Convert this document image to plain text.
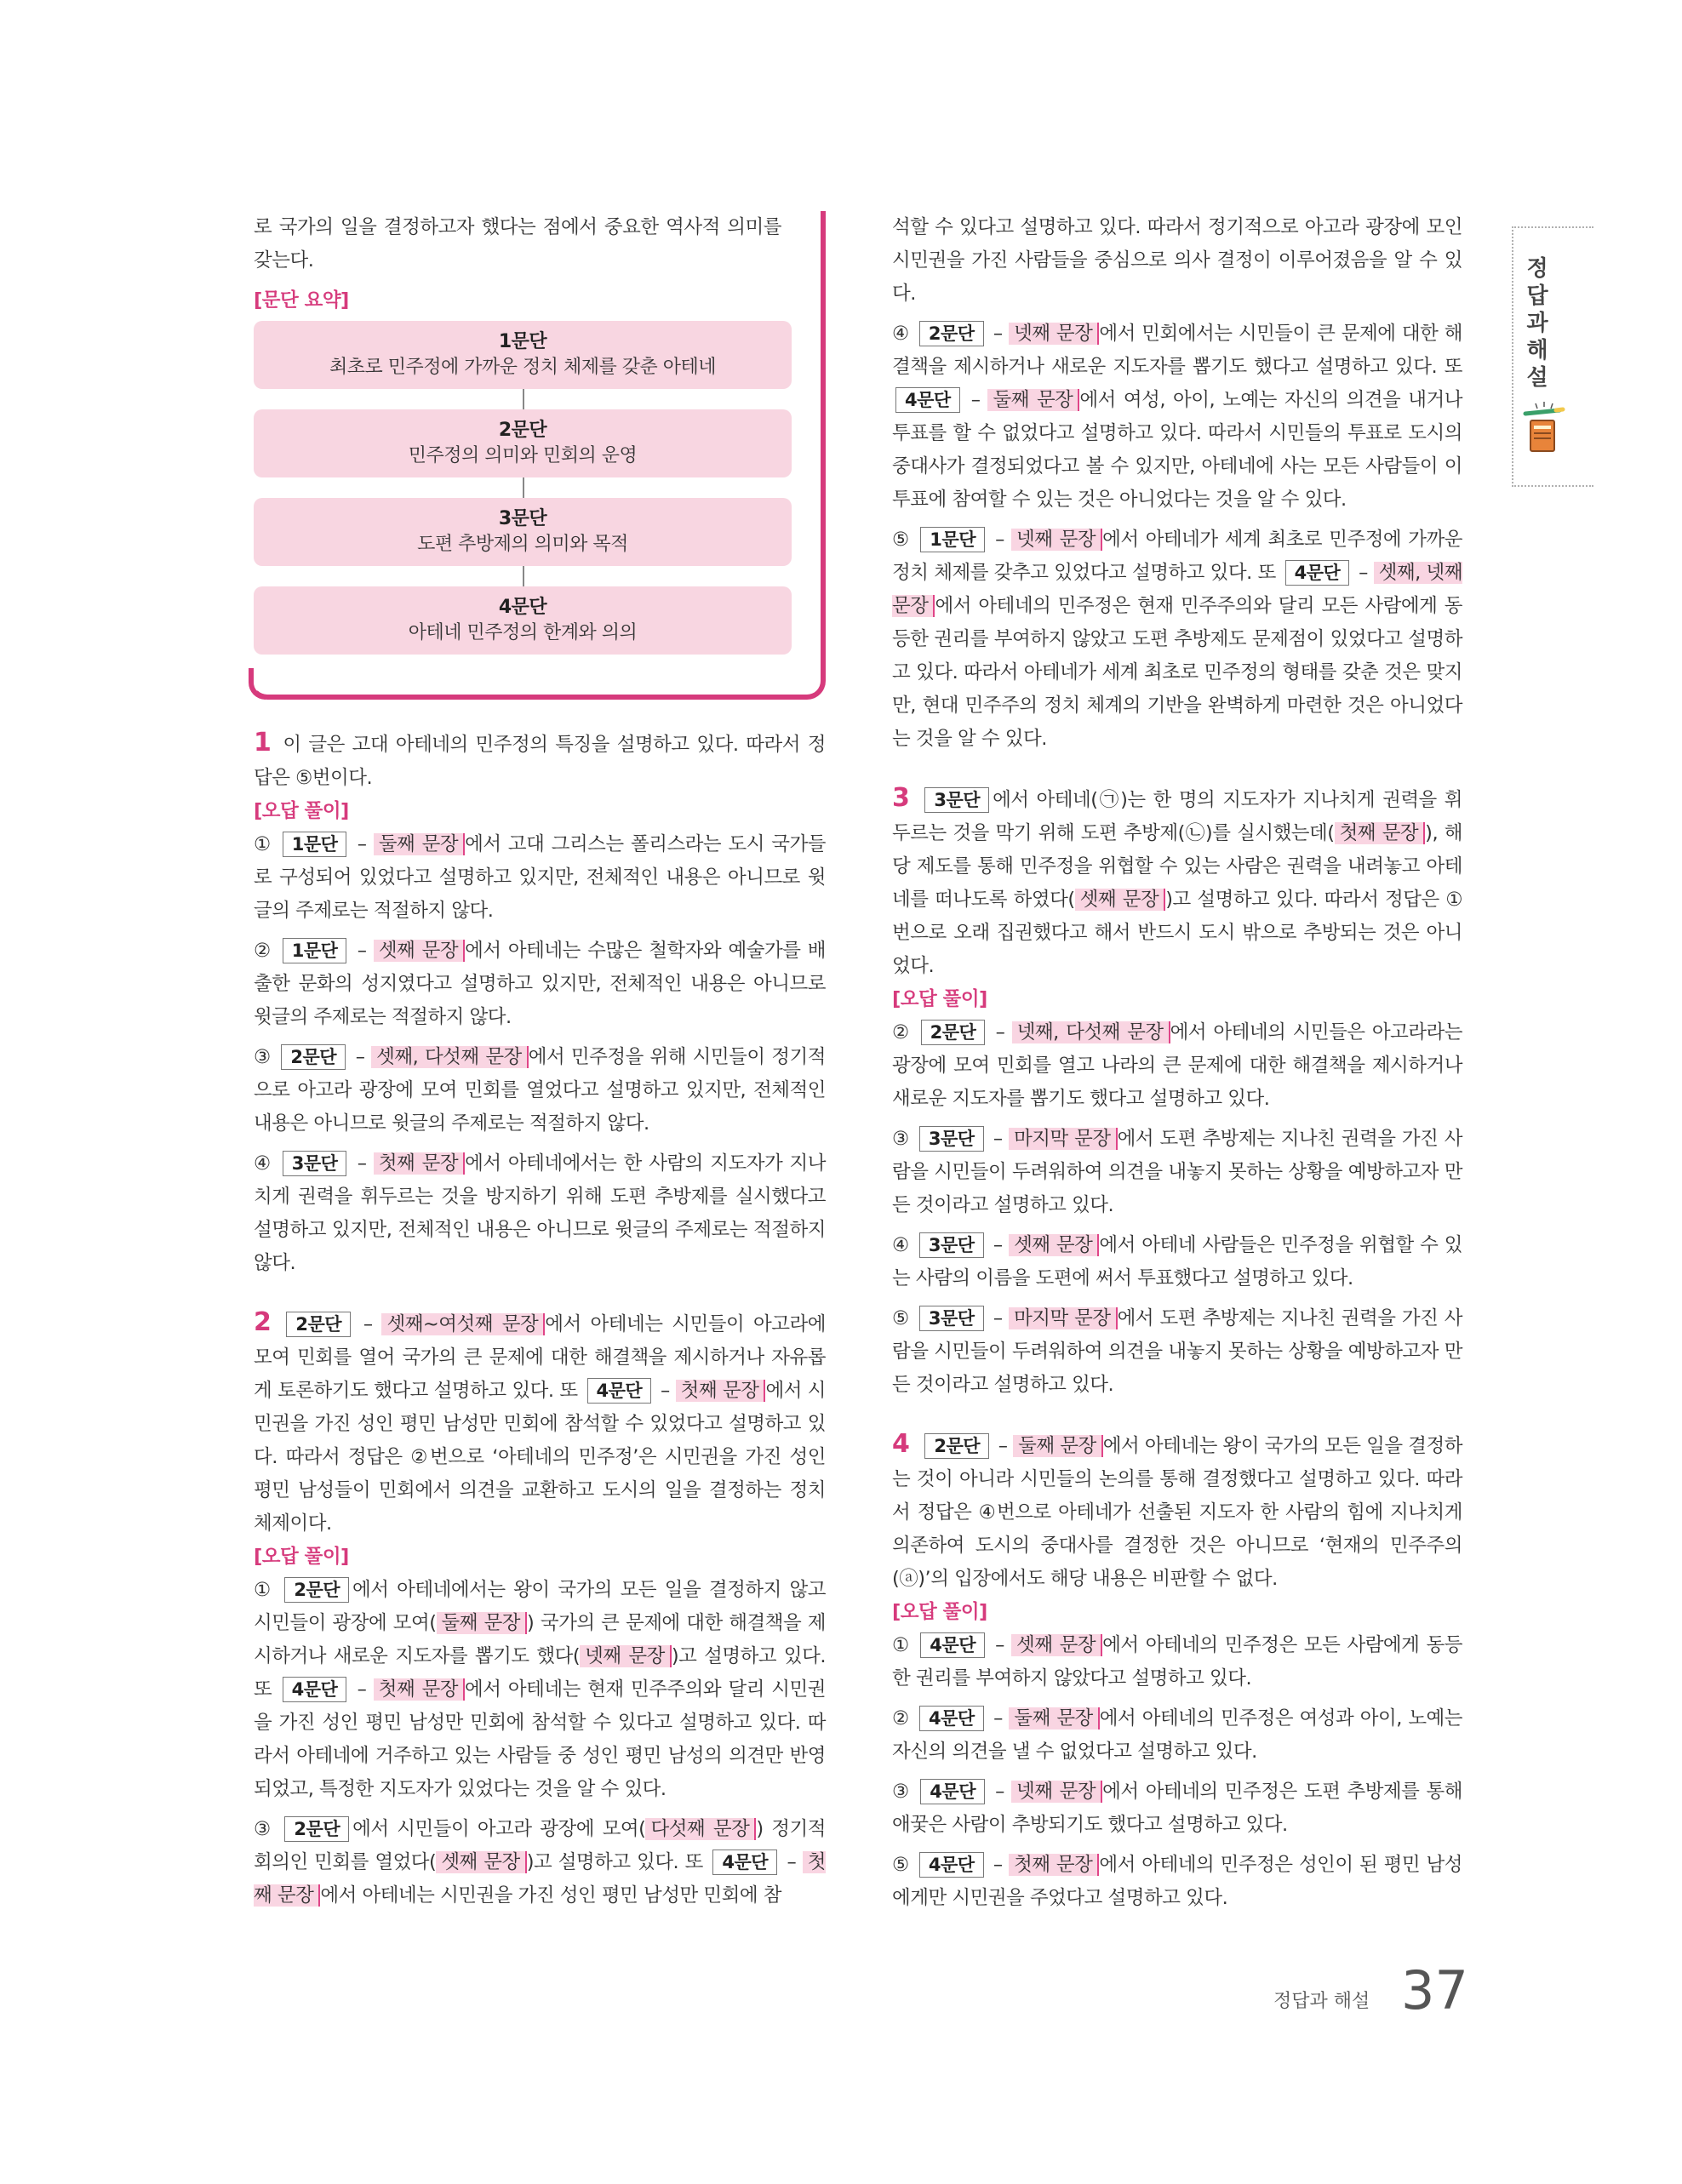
로 국가의 일을 결정하고자 했다는 점에서 중요한 역사적 의미를 갖는다.

[문단 요약]
1문단
최초로 민주정에 가까운 정치 체제를 갖춘 아테네
2문단
민주정의 의미와 민회의 운영
3문단
도편 추방제의 의미와 목적
4문단
아테네 민주정의 한계와 의의

1 이 글은 고대 아테네의 민주정의 특징을 설명하고 있다. 따라서 정답은 ⑤번이다.

[오답 풀이]

① 1문단 – 둘째 문장 에서 고대 그리스는 폴리스라는 도시 국가들로 구성되어 있었다고 설명하고 있지만, 전체적인 내용은 아니므로 윗글의 주제로는 적절하지 않다.

② 1문단 – 셋째 문장 에서 아테네는 수많은 철학자와 예술가를 배출한 문화의 성지였다고 설명하고 있지만, 전체적인 내용은 아니므로 윗글의 주제로는 적절하지 않다.

③ 2문단 – 셋째, 다섯째 문장 에서 민주정을 위해 시민들이 정기적으로 아고라 광장에 모여 민회를 열었다고 설명하고 있지만, 전체적인 내용은 아니므로 윗글의 주제로는 적절하지 않다.

④ 3문단 – 첫째 문장 에서 아테네에서는 한 사람의 지도자가 지나치게 권력을 휘두르는 것을 방지하기 위해 도편 추방제를 실시했다고 설명하고 있지만, 전체적인 내용은 아니므로 윗글의 주제로는 적절하지 않다.

2 2문단 – 셋째~여섯째 문장 에서 아테네는 시민들이 아고라에 모여 민회를 열어 국가의 큰 문제에 대한 해결책을 제시하거나 자유롭게 토론하기도 했다고 설명하고 있다. 또 4문단 – 첫째 문장 에서 시민권을 가진 성인 평민 남성만 민회에 참석할 수 있었다고 설명하고 있다. 따라서 정답은 ②번으로 ‘아테네의 민주정’은 시민권을 가진 성인 평민 남성들이 민회에서 의견을 교환하고 도시의 일을 결정하는 정치 체제이다.

[오답 풀이]

① 2문단 에서 아테네에서는 왕이 국가의 모든 일을 결정하지 않고 시민들이 광장에 모여( 둘째 문장 ) 국가의 큰 문제에 대한 해결책을 제시하거나 새로운 지도자를 뽑기도 했다( 넷째 문장 )고 설명하고 있다. 또 4문단 – 첫째 문장 에서 아테네는 현재 민주주의와 달리 시민권을 가진 성인 평민 남성만 민회에 참석할 수 있다고 설명하고 있다. 따라서 아테네에 거주하고 있는 사람들 중 성인 평민 남성의 의견만 반영되었고, 특정한 지도자가 있었다는 것을 알 수 있다.

③ 2문단 에서 시민들이 아고라 광장에 모여( 다섯째 문장 ) 정기적 회의인 민회를 열었다( 셋째 문장 )고 설명하고 있다. 또 4문단 – 첫째 문장 에서 아테네는 시민권을 가진 성인 평민 남성만 민회에 참

석할 수 있다고 설명하고 있다. 따라서 정기적으로 아고라 광장에 모인 시민권을 가진 사람들을 중심으로 의사 결정이 이루어졌음을 알 수 있다.

④ 2문단 – 넷째 문장 에서 민회에서는 시민들이 큰 문제에 대한 해결책을 제시하거나 새로운 지도자를 뽑기도 했다고 설명하고 있다. 또 4문단 – 둘째 문장 에서 여성, 아이, 노예는 자신의 의견을 내거나 투표를 할 수 없었다고 설명하고 있다. 따라서 시민들의 투표로 도시의 중대사가 결정되었다고 볼 수 있지만, 아테네에 사는 모든 사람들이 이 투표에 참여할 수 있는 것은 아니었다는 것을 알 수 있다.

⑤ 1문단 – 넷째 문장 에서 아테네가 세계 최초로 민주정에 가까운 정치 체제를 갖추고 있었다고 설명하고 있다. 또 4문단 – 셋째, 넷째 문장 에서 아테네의 민주정은 현재 민주주의와 달리 모든 사람에게 동등한 권리를 부여하지 않았고 도편 추방제도 문제점이 있었다고 설명하고 있다. 따라서 아테네가 세계 최초로 민주정의 형태를 갖춘 것은 맞지만, 현대 민주주의 정치 체계의 기반을 완벽하게 마련한 것은 아니었다는 것을 알 수 있다.

3 3문단 에서 아테네(㉠)는 한 명의 지도자가 지나치게 권력을 휘두르는 것을 막기 위해 도편 추방제(㉡)를 실시했는데( 첫째 문장 ), 해당 제도를 통해 민주정을 위협할 수 있는 사람은 권력을 내려놓고 아테네를 떠나도록 하였다( 셋째 문장 )고 설명하고 있다. 따라서 정답은 ①번으로 오래 집권했다고 해서 반드시 도시 밖으로 추방되는 것은 아니었다.

[오답 풀이]

② 2문단 – 넷째, 다섯째 문장 에서 아테네의 시민들은 아고라라는 광장에 모여 민회를 열고 나라의 큰 문제에 대한 해결책을 제시하거나 새로운 지도자를 뽑기도 했다고 설명하고 있다.

③ 3문단 – 마지막 문장 에서 도편 추방제는 지나친 권력을 가진 사람을 시민들이 두려워하여 의견을 내놓지 못하는 상황을 예방하고자 만든 것이라고 설명하고 있다.

④ 3문단 – 셋째 문장 에서 아테네 사람들은 민주정을 위협할 수 있는 사람의 이름을 도편에 써서 투표했다고 설명하고 있다.

⑤ 3문단 – 마지막 문장 에서 도편 추방제는 지나친 권력을 가진 사람을 시민들이 두려워하여 의견을 내놓지 못하는 상황을 예방하고자 만든 것이라고 설명하고 있다.

4 2문단 – 둘째 문장 에서 아테네는 왕이 국가의 모든 일을 결정하는 것이 아니라 시민들의 논의를 통해 결정했다고 설명하고 있다. 따라서 정답은 ④번으로 아테네가 선출된 지도자 한 사람의 힘에 지나치게 의존하여 도시의 중대사를 결정한 것은 아니므로 ‘현재의 민주주의(ⓐ)’의 입장에서도 해당 내용은 비판할 수 없다.

[오답 풀이]

① 4문단 – 셋째 문장 에서 아테네의 민주정은 모든 사람에게 동등한 권리를 부여하지 않았다고 설명하고 있다.

② 4문단 – 둘째 문장 에서 아테네의 민주정은 여성과 아이, 노예는 자신의 의견을 낼 수 없었다고 설명하고 있다.

③ 4문단 – 넷째 문장 에서 아테네의 민주정은 도편 추방제를 통해 애꿎은 사람이 추방되기도 했다고 설명하고 있다.

⑤ 4문단 – 첫째 문장 에서 아테네의 민주정은 성인이 된 평민 남성에게만 시민권을 주었다고 설명하고 있다.

정답과해설
정답과 해설 37
